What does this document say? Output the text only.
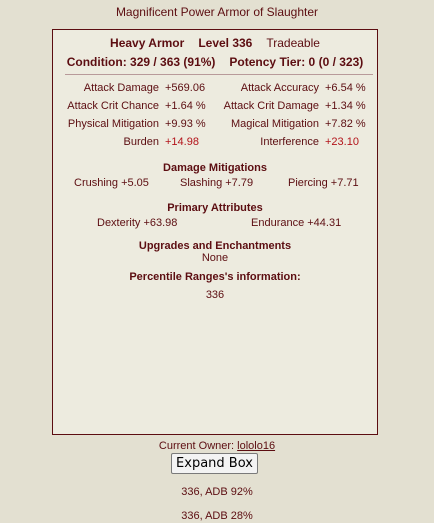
Magnificent Power Armor of Slaughter
Heavy Armor Level 336 Tradeable
Condition: 329 / 363 (91%) Potency Tier: 0 (0 / 323)
Attack Damage +569.06	Attack Accuracy +6.54 %
Attack Crit Chance +1.64 % Attack Crit Damage +1.34 %
Physical Mitigation +9.93 % Magical Mitigation +7.82 %
Burden +14.98	Interference +23.10
Damage Mitigations
Crushing +5.05	Slashing +7.79	Piercing +7.71
Primary Attributes
Dexterity +63.98	Endurance +44.31
Upgrades and Enchantments
None
Percentile Ranges's information:
336
Current Owner: lololo16
Expand Box
336, ADB 92%
336, ADB 28%
